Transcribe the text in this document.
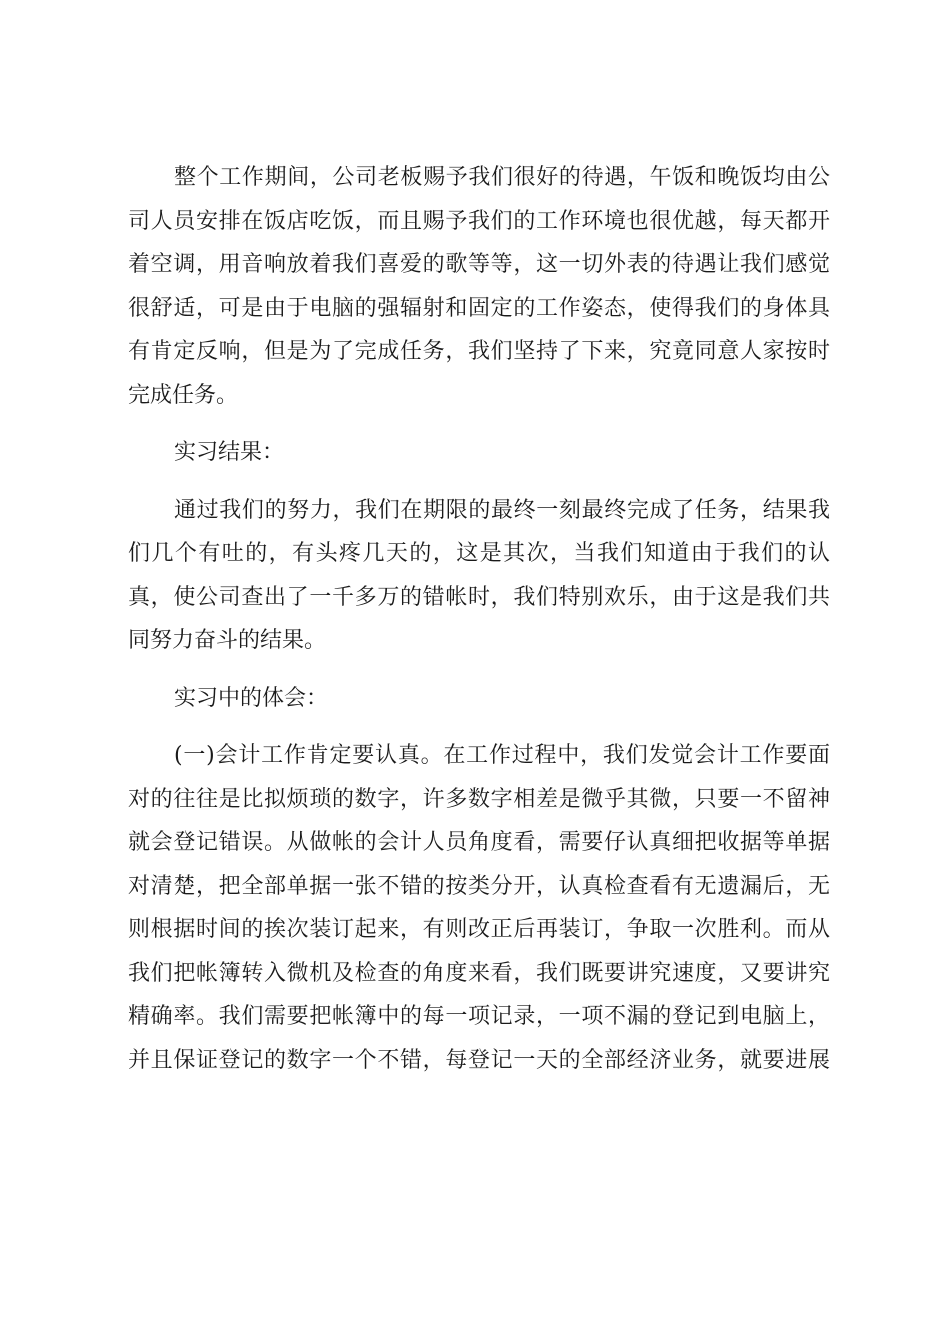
整个工作期间，公司老板赐予我们很好的待遇，午饭和晚饭均由公
司人员安排在饭店吃饭，而且赐予我们的工作环境也很优越，每天都开
着空调，用音响放着我们喜爱的歌等等，这一切外表的待遇让我们感觉
很舒适，可是由于电脑的强辐射和固定的工作姿态，使得我们的身体具
有肯定反响，但是为了完成任务，我们坚持了下来，究竟同意人家按时
完成任务。
实习结果：
通过我们的努力，我们在期限的最终一刻最终完成了任务，结果我
们几个有吐的，有头疼几天的，这是其次，当我们知道由于我们的认
真，使公司查出了一千多万的错帐时，我们特别欢乐，由于这是我们共
同努力奋斗的结果。
实习中的体会：
(一)会计工作肯定要认真。在工作过程中，我们发觉会计工作要面
对的往往是比拟烦琐的数字，许多数字相差是微乎其微，只要一不留神
就会登记错误。从做帐的会计人员角度看，需要仔认真细把收据等单据
对清楚，把全部单据一张不错的按类分开，认真检查看有无遗漏后，无
则根据时间的挨次装订起来，有则改正后再装订，争取一次胜利。而从
我们把帐簿转入微机及检查的角度来看，我们既要讲究速度，又要讲究
精确率。我们需要把帐簿中的每一项记录，一项不漏的登记到电脑上，
并且保证登记的数字一个不错，每登记一天的全部经济业务，就要进展
